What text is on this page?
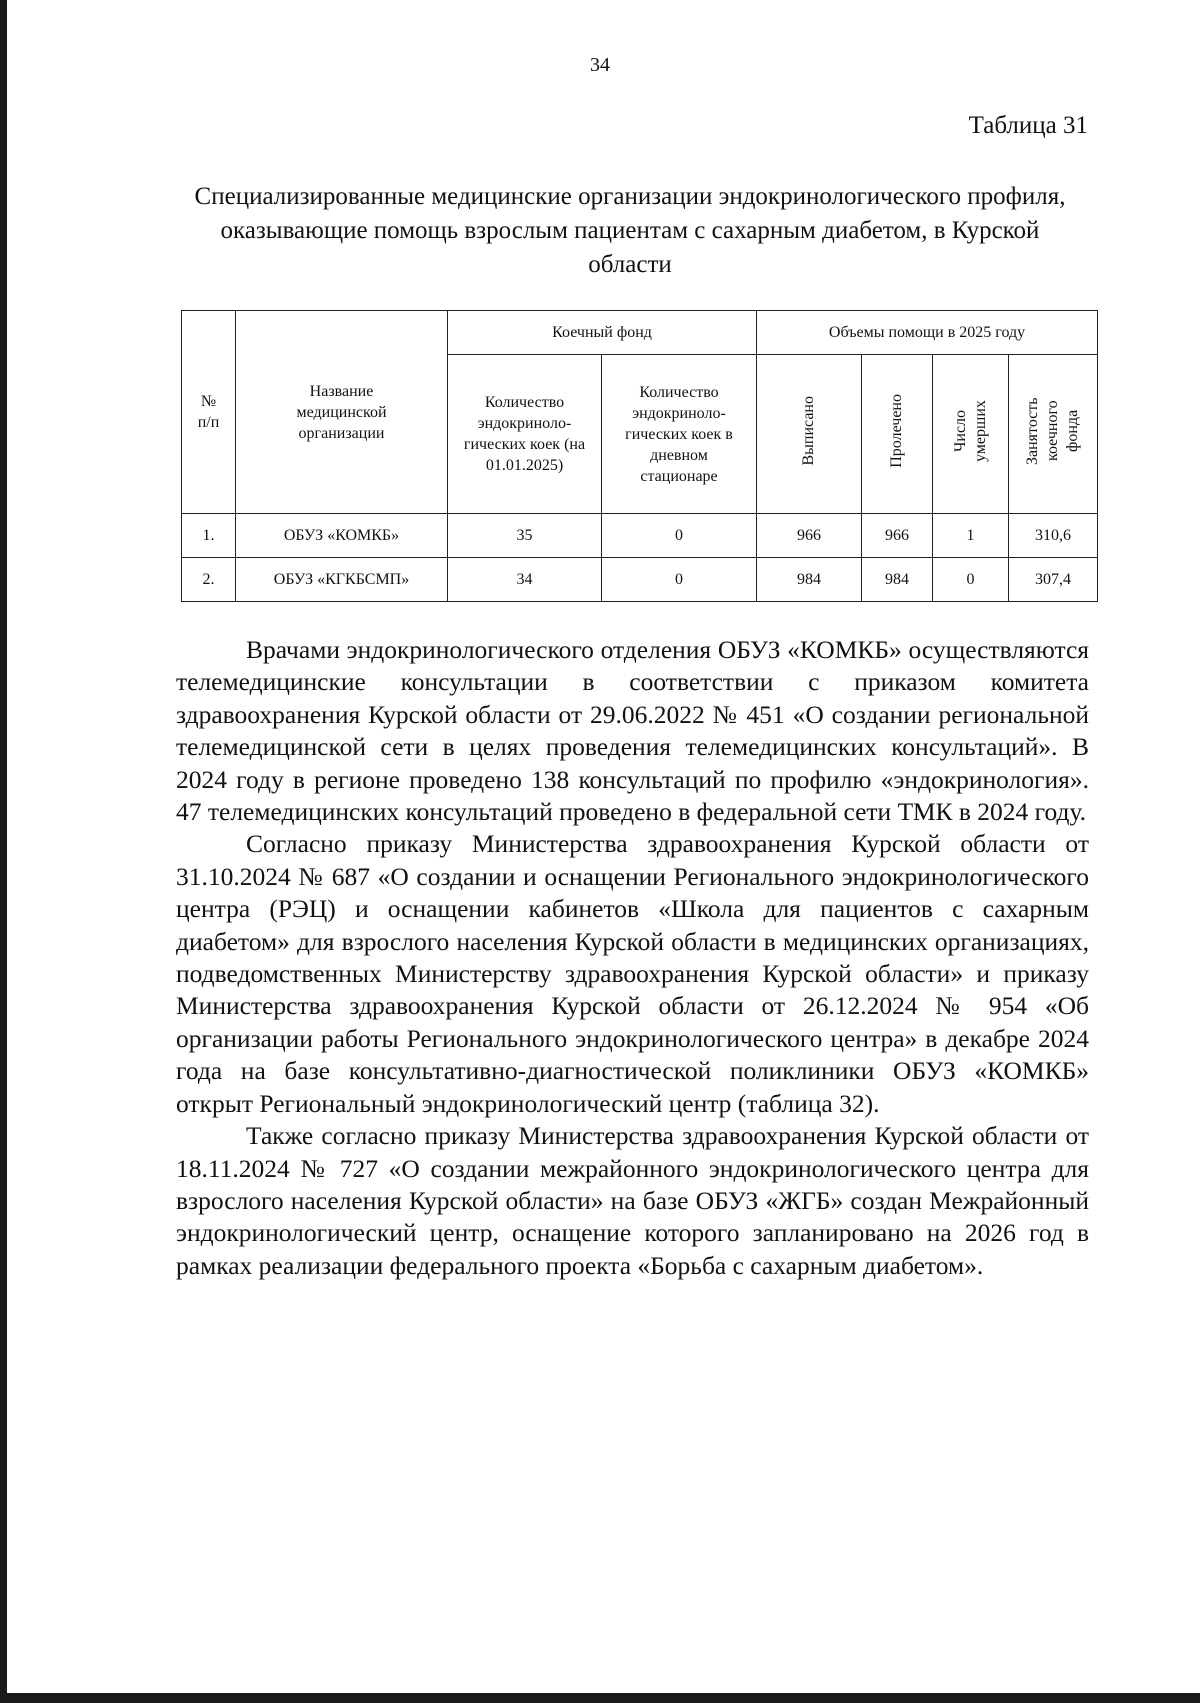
34
Таблица 31
Специализированные медицинские организации эндокринологического профиля, оказывающие помощь взрослым пациентам с сахарным диабетом, в Курской области
№ п/п	Название медицинской организации	Коечный фонд		Объемы помощи в 2025 году			

		Количество эндокриноло-гических коек (на 01.01.2025)	Количество эндокриноло-гических коек в дневном стационаре	Выписано	Пролечено	Число умерших	Занятость коечного фонда
1.	ОБУЗ «КОМКБ»	35	0	966	966	1	310,6
2.	ОБУЗ «КГКБСМП»	34	0	984	984	0	307,4

Врачами эндокринологического отделения ОБУЗ «КОМКБ» осуществляются телемедицинские консультации в соответствии с приказом комитета здравоохранения Курской области от 29.06.2022 № 451 «О создании региональной телемедицинской сети в целях проведения телемедицинских консультаций». В 2024 году в регионе проведено 138 консультаций по профилю «эндокринология». 47 телемедицинских консультаций проведено в федеральной сети ТМК в 2024 году.

Согласно приказу Министерства здравоохранения Курской области от 31.10.2024 № 687 «О создании и оснащении Регионального эндокринологического центра (РЭЦ) и оснащении кабинетов «Школа для пациентов с сахарным диабетом» для взрослого населения Курской области в медицинских организациях, подведомственных Министерству здравоохранения Курской области» и приказу Министерства здравоохранения Курской области от 26.12.2024 № 954 «Об организации работы Регионального эндокринологического центра» в декабре 2024 года на базе консультативно-диагностической поликлиники ОБУЗ «КОМКБ» открыт Региональный эндокринологический центр (таблица 32).

Также согласно приказу Министерства здравоохранения Курской области от 18.11.2024 № 727 «О создании межрайонного эндокринологического центра для взрослого населения Курской области» на базе ОБУЗ «ЖГБ» создан Межрайонный эндокринологический центр, оснащение которого запланировано на 2026 год в рамках реализации федерального проекта «Борьба с сахарным диабетом».
